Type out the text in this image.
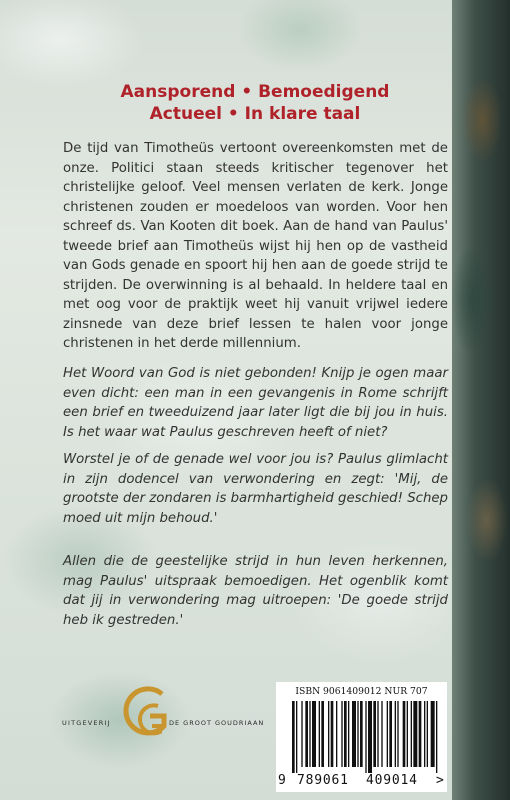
Aansporend • Bemoedigend
Actueel • In klare taal

De tijd van Timotheüs vertoont overeenkomsten met de onze. Politici staan steeds kritischer tegenover het christelijke geloof. Veel mensen verlaten de kerk. Jonge christenen zouden er moedeloos van worden. Voor hen schreef ds. Van Kooten dit boek. Aan de hand van Paulus' tweede brief aan Timotheüs wijst hij hen op de vastheid van Gods genade en spoort hij hen aan de goede strijd te strijden. De overwinning is al behaald. In heldere taal en met oog voor de praktijk weet hij vanuit vrijwel iedere zinsnede van deze brief lessen te halen voor jonge christenen in het derde millennium.

Het Woord van God is niet gebonden! Knijp je ogen maar even dicht: een man in een gevangenis in Rome schrijft een brief en tweeduizend jaar later ligt die bij jou in huis. Is het waar wat Paulus geschreven heeft of niet?

Worstel je of de genade wel voor jou is? Paulus glimlacht in zijn dodencel van verwondering en zegt: 'Mij, de grootste der zondaren is barmhartigheid geschied! Schep moed uit mijn behoud.'

Allen die de geestelijke strijd in hun leven herkennen, mag Paulus' uitspraak bemoedigen. Het ogenblik komt dat jij in verwondering mag uitroepen: 'De goede strijd heb ik gestreden.'

UITGEVERIJ	DE GROOT GOUDRIAAN
ISBN 9061409012 NUR 707
9 789061 409014 >
